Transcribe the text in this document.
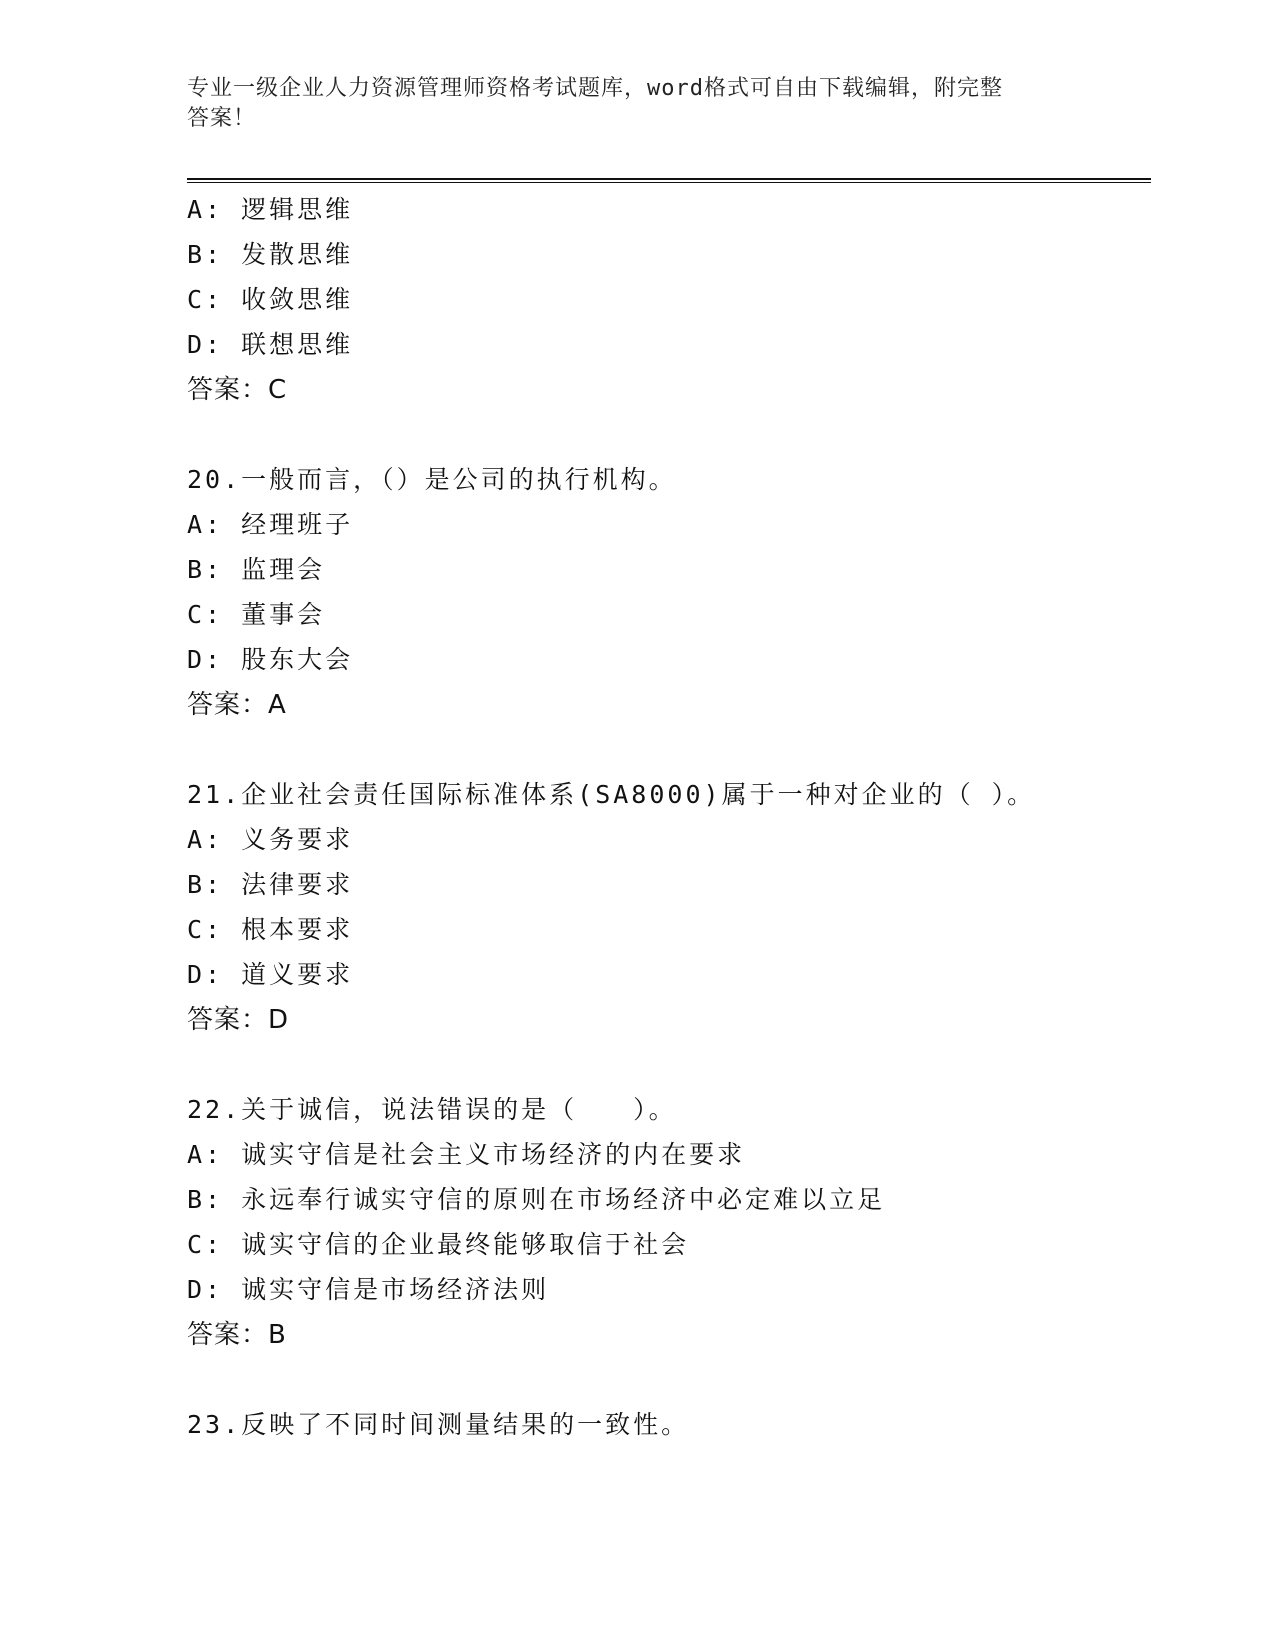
专业一级企业人力资源管理师资格考试题库，word格式可自由下载编辑，附完整
答案！
A: 逻辑思维
B: 发散思维
C: 收敛思维
D: 联想思维
答案：C
20.一般而言，（）是公司的执行机构。
A: 经理班子
B: 监理会
C: 董事会
D: 股东大会
答案：A
21.企业社会责任国际标准体系(SA8000)属于一种对企业的（ ）。
A: 义务要求
B: 法律要求
C: 根本要求
D: 道义要求
答案：D
22.关于诚信，说法错误的是（　　）。
A: 诚实守信是社会主义市场经济的内在要求
B: 永远奉行诚实守信的原则在市场经济中必定难以立足
C: 诚实守信的企业最终能够取信于社会
D: 诚实守信是市场经济法则
答案：B
23.反映了不同时间测量结果的一致性。
